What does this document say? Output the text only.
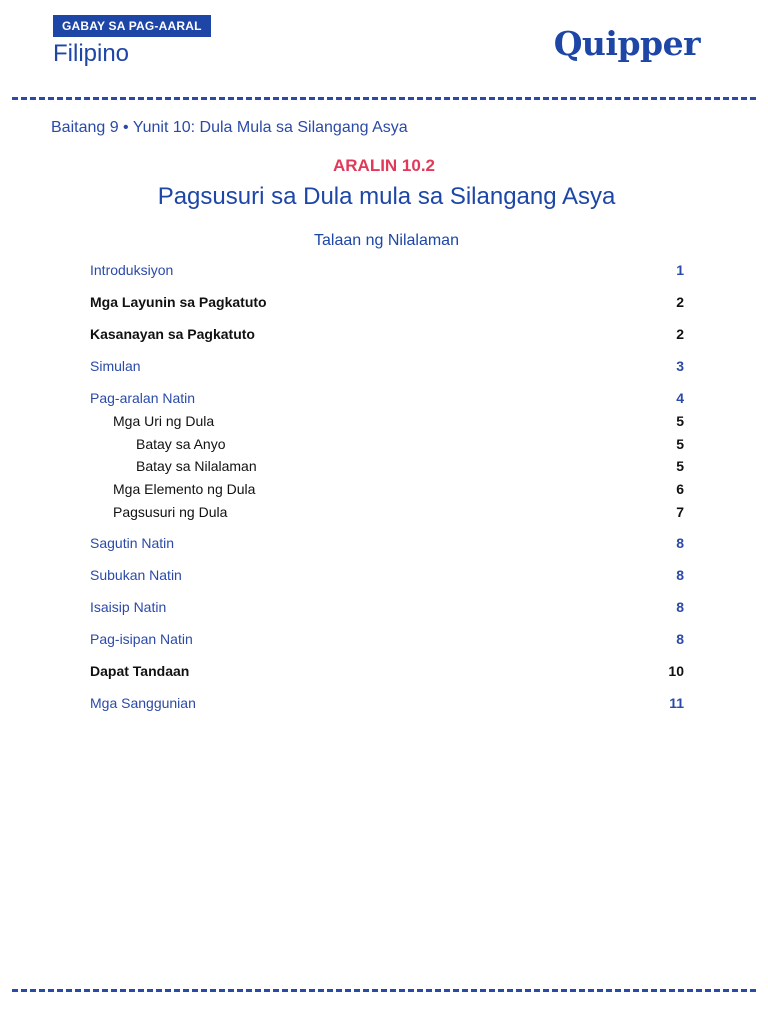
GABAY SA PAG-AARAL
Filipino	Quipper
Baitang 9 • Yunit 10: Dula Mula sa Silangang Asya
ARALIN 10.2
Pagsusuri sa Dula mula sa Silangang Asya
Talaan ng Nilalaman
Introduksiyon	1
Mga Layunin sa Pagkatuto	2
Kasanayan sa Pagkatuto	2
Simulan	3
Pag-aralan Natin	4
Mga Uri ng Dula	5
Batay sa Anyo	5
Batay sa Nilalaman	5
Mga Elemento ng Dula	6
Pagsusuri ng Dula	7
Sagutin Natin	8
Subukan Natin	8
Isaisip Natin	8
Pag-isipan Natin	8
Dapat Tandaan	10
Mga Sanggunian	11
